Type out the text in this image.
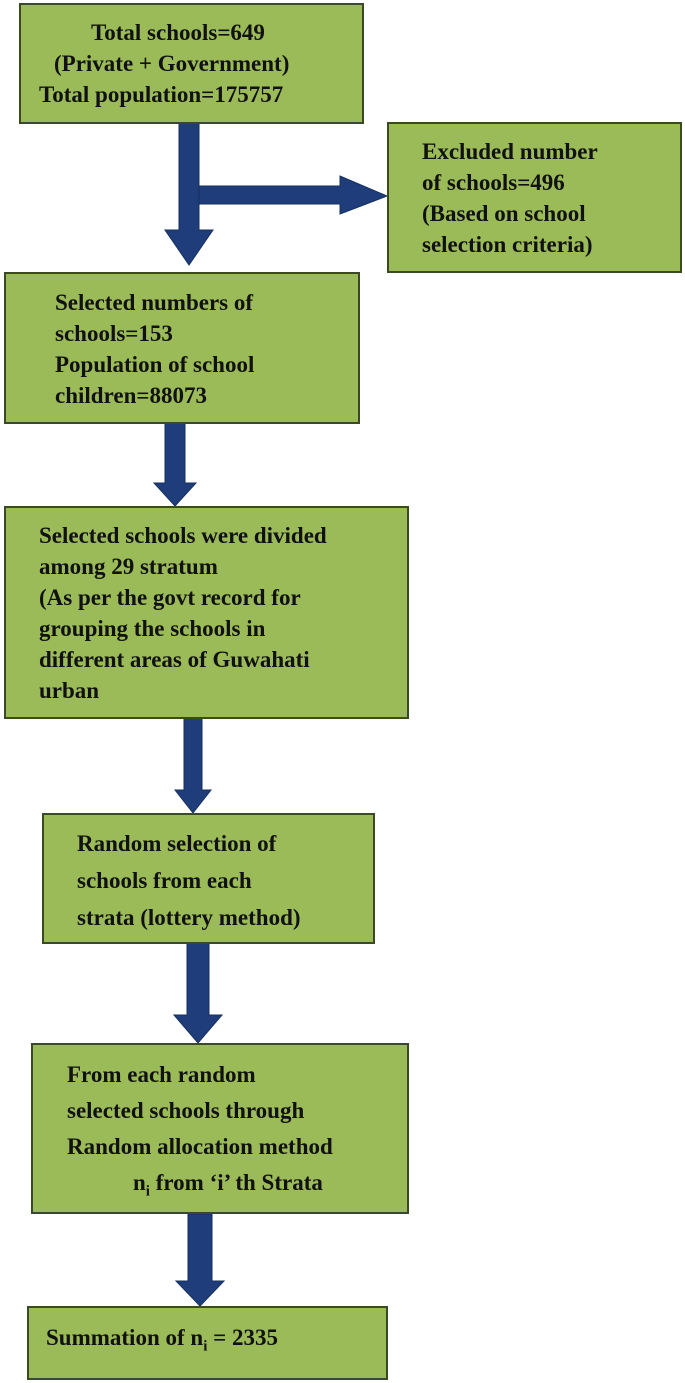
Total schools=649
(Private + Government)
Total population=175757
Excluded number
of schools=496
(Based on school
selection criteria)
Selected numbers of
schools=153
Population of school
children=88073
Selected schools were divided
among 29 stratum
(As per the govt record for
grouping the schools in
different areas of Guwahati
urban
Random selection of
schools from each
strata (lottery method)
From each random
selected schools through
Random allocation method
$n_i$ from ‘i’ th Strata
Summation of $n_i = 2335$
